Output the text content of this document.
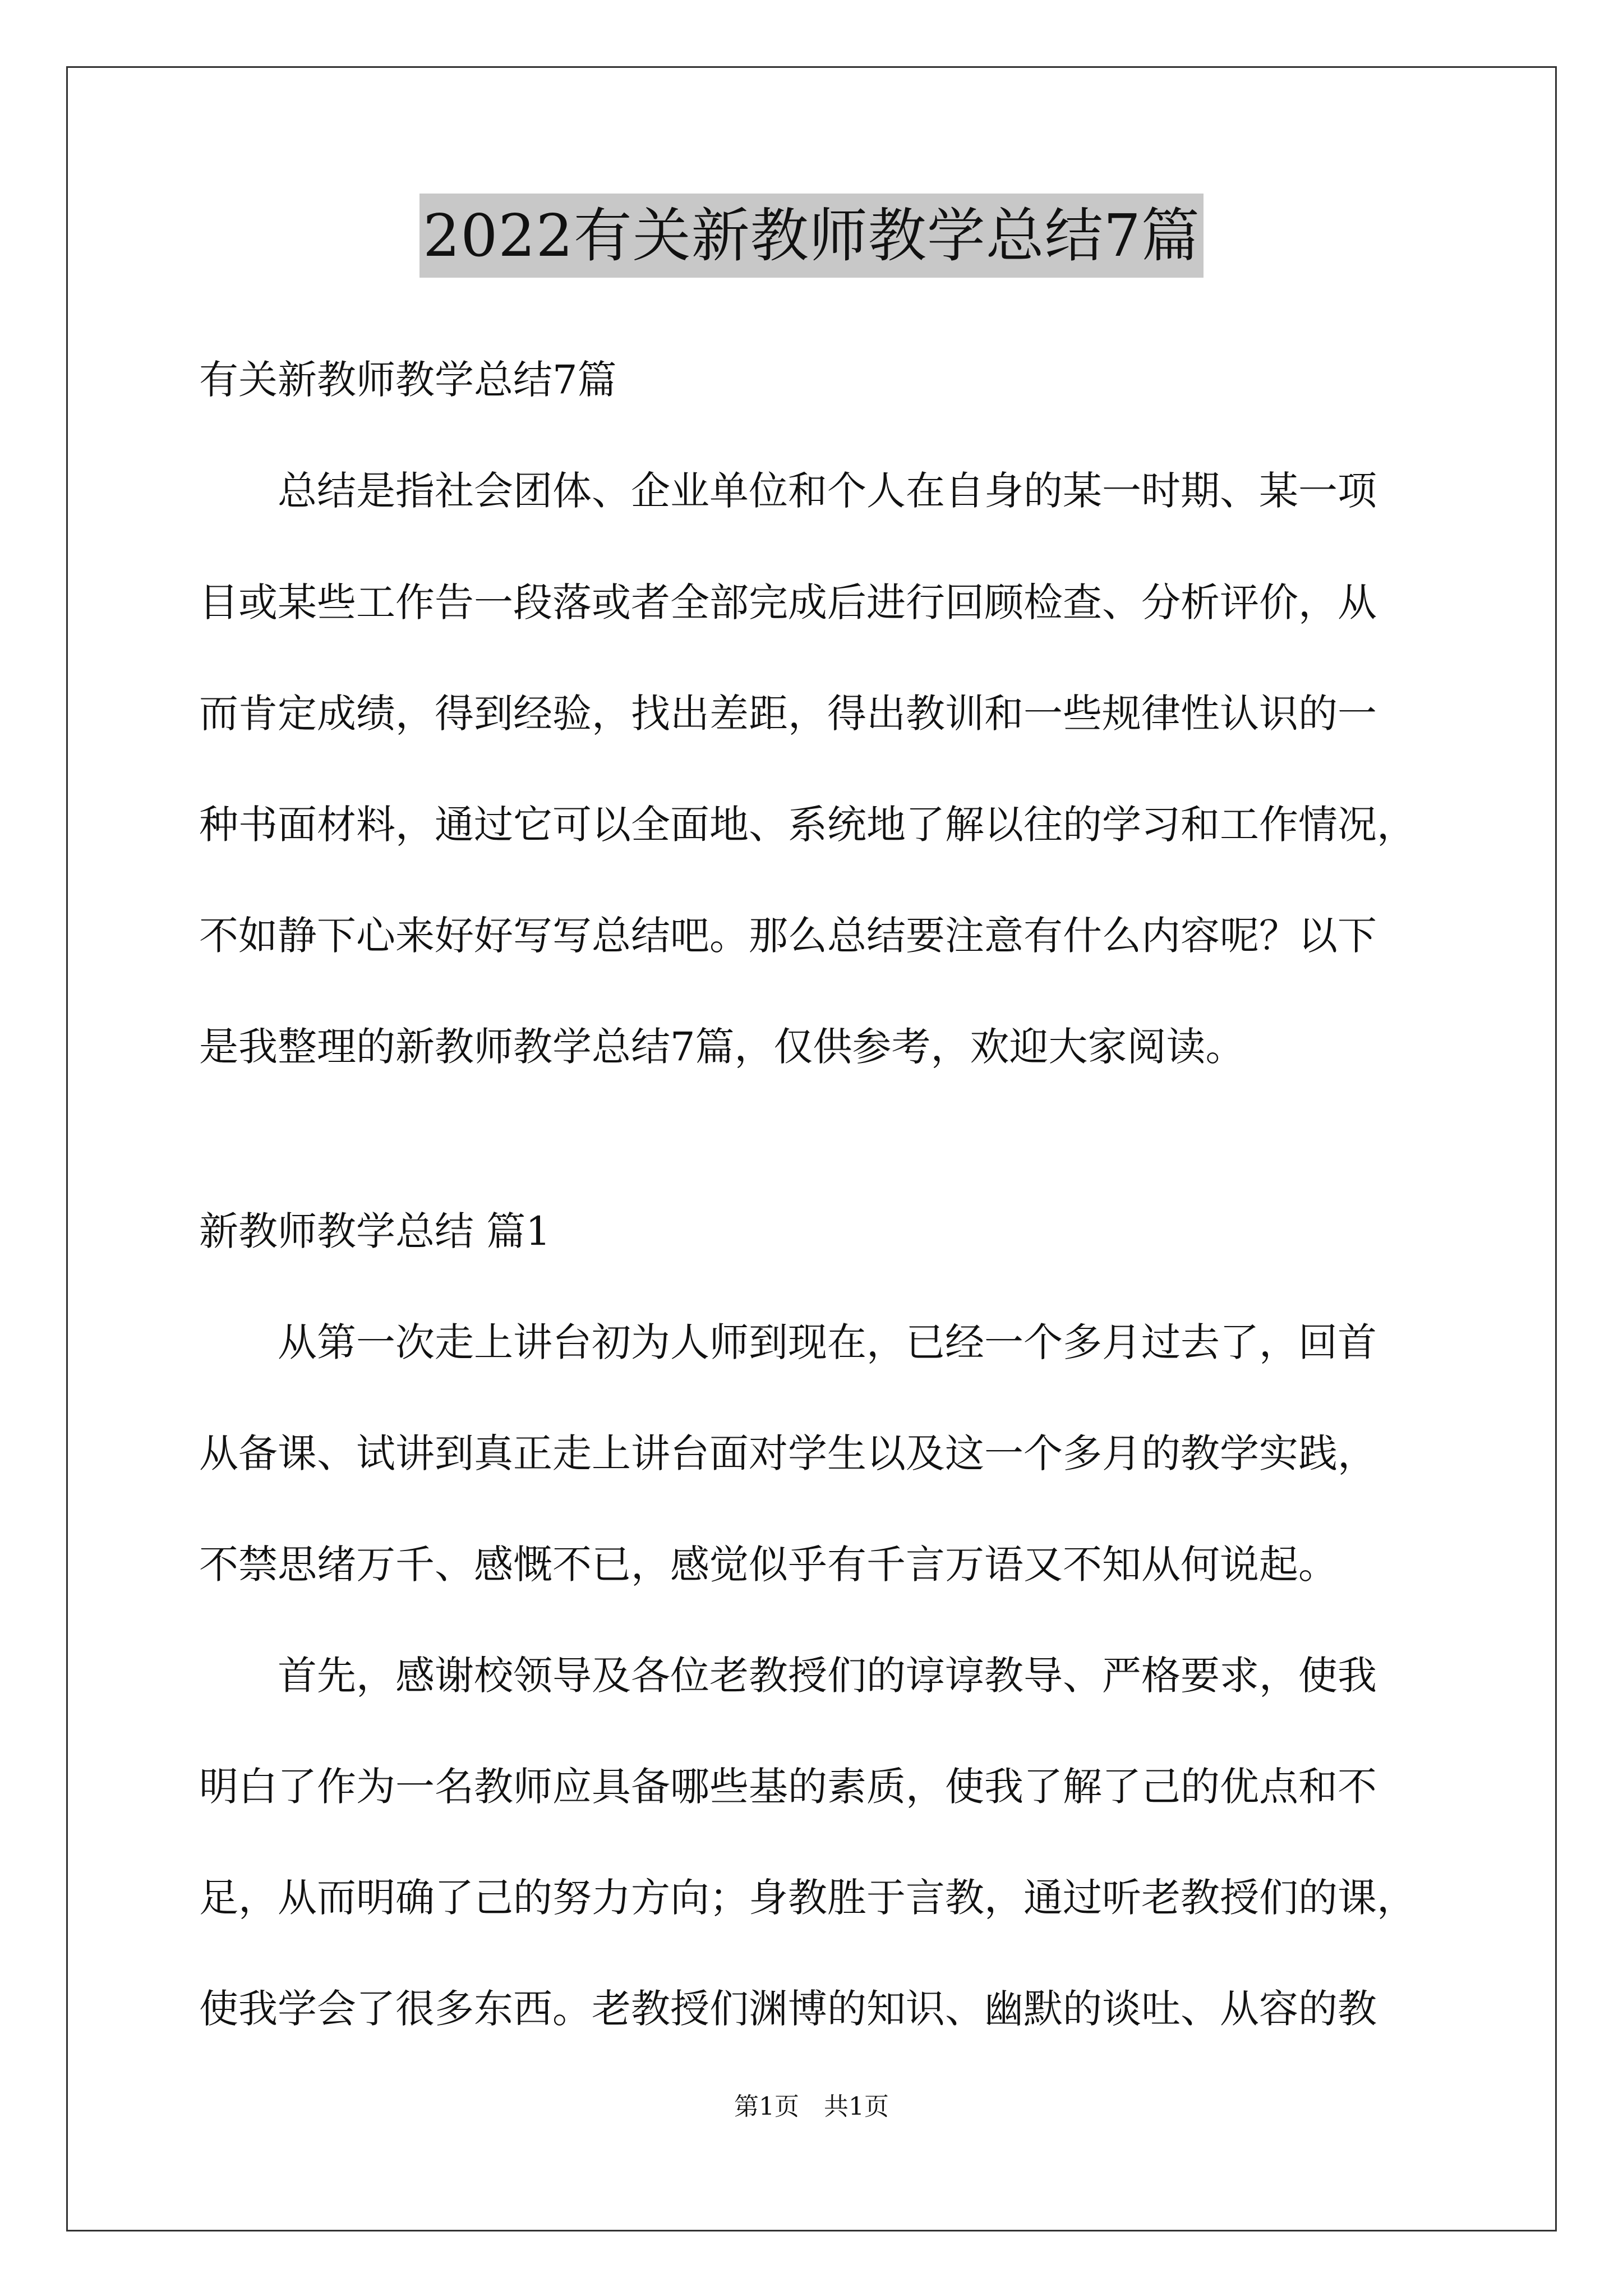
2022有关新教师教学总结7篇
有关新教师教学总结7篇
　　总结是指社会团体、企业单位和个人在自身的某一时期、某一项
目或某些工作告一段落或者全部完成后进行回顾检查、分析评价，从
而肯定成绩，得到经验，找出差距，得出教训和一些规律性认识的一
种书面材料，通过它可以全面地、系统地了解以往的学习和工作情况，
不如静下心来好好写写总结吧。那么总结要注意有什么内容呢？以下
是我整理的新教师教学总结7篇，仅供参考，欢迎大家阅读。
新教师教学总结 篇1
　　从第一次走上讲台初为人师到现在，已经一个多月过去了，回首
从备课、试讲到真正走上讲台面对学生以及这一个多月的教学实践，
不禁思绪万千、感慨不已，感觉似乎有千言万语又不知从何说起。
　　首先，感谢校领导及各位老教授们的谆谆教导、严格要求，使我
明白了作为一名教师应具备哪些基的素质，使我了解了己的优点和不
足，从而明确了己的努力方向；身教胜于言教，通过听老教授们的课，
使我学会了很多东西。老教授们渊博的知识、幽默的谈吐、从容的教
第1页　共1页
